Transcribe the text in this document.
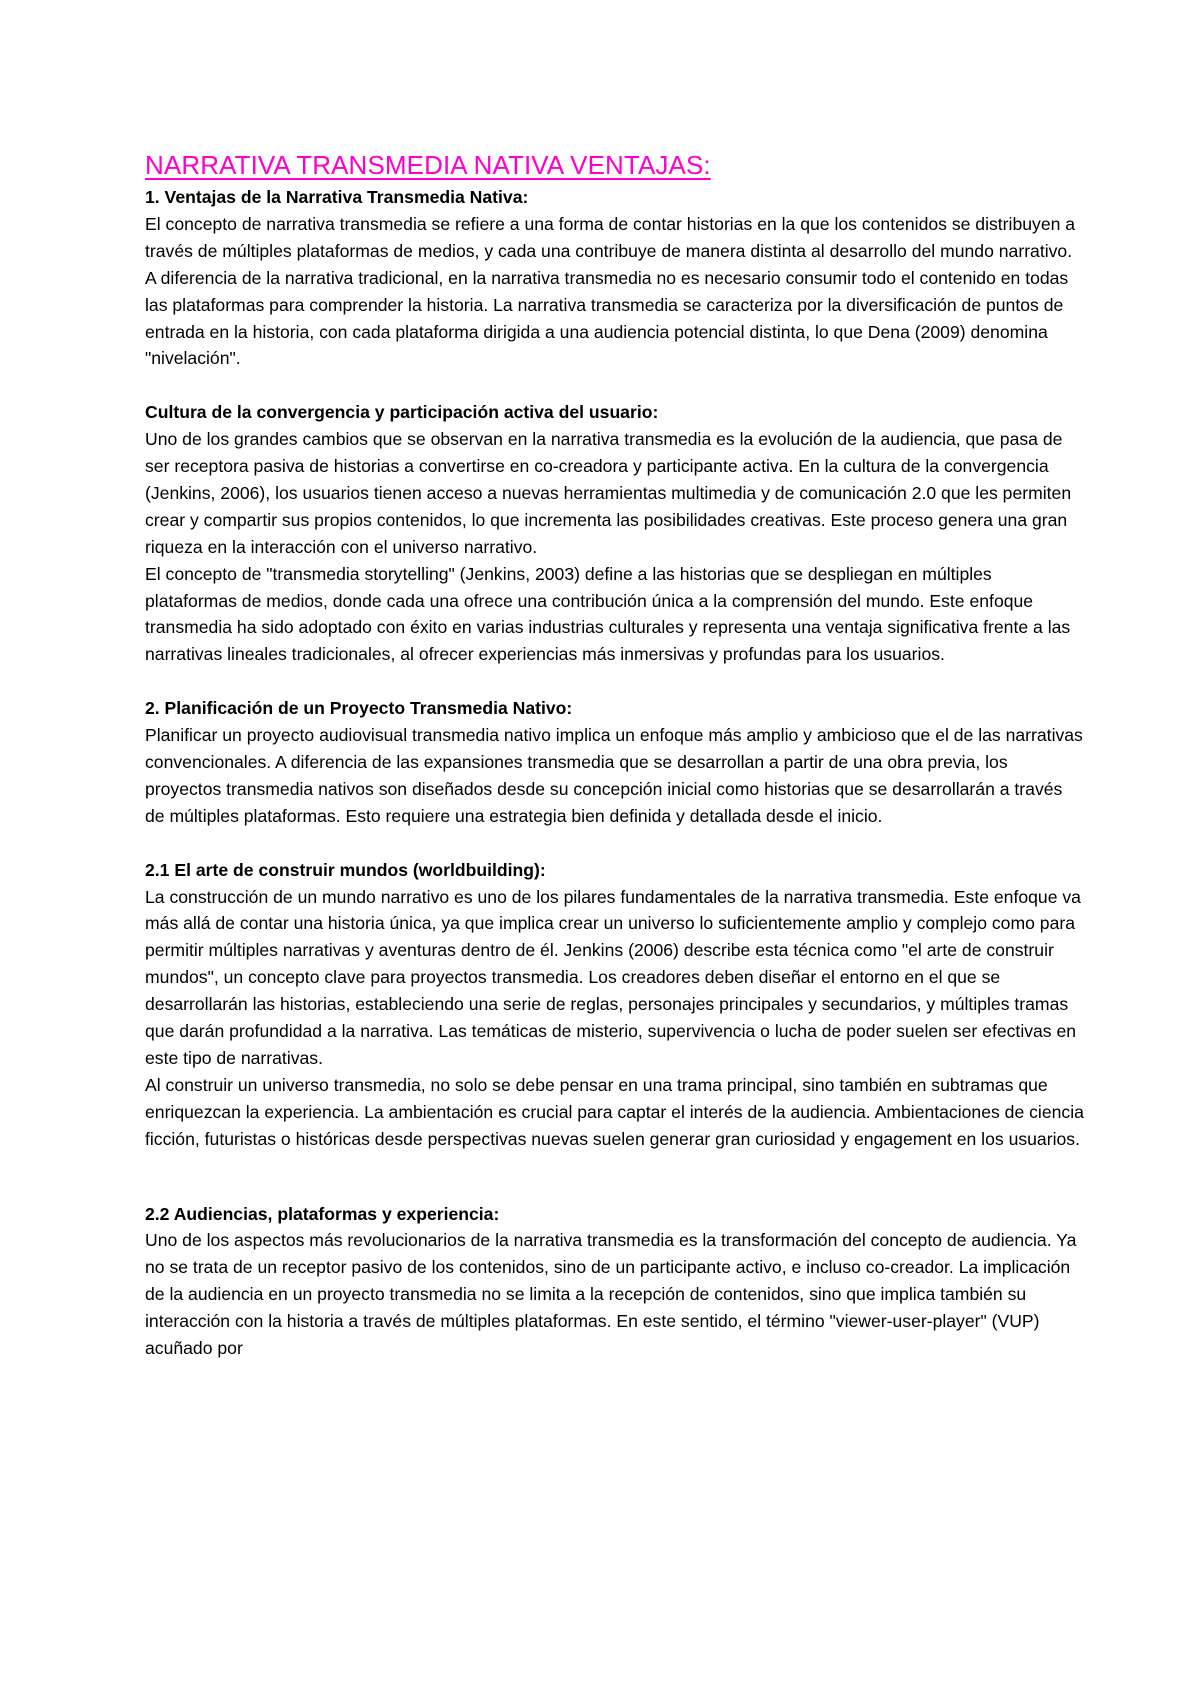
NARRATIVA TRANSMEDIA NATIVA VENTAJAS:

1. Ventajas de la Narrativa Transmedia Nativa:

El concepto de narrativa transmedia se refiere a una forma de contar historias en la que los contenidos se distribuyen a través de múltiples plataformas de medios, y cada una contribuye de manera distinta al desarrollo del mundo narrativo. A diferencia de la narrativa tradicional, en la narrativa transmedia no es necesario consumir todo el contenido en todas las plataformas para comprender la historia. La narrativa transmedia se caracteriza por la diversificación de puntos de entrada en la historia, con cada plataforma dirigida a una audiencia potencial distinta, lo que Dena (2009) denomina "nivelación".

Cultura de la convergencia y participación activa del usuario:

Uno de los grandes cambios que se observan en la narrativa transmedia es la evolución de la audiencia, que pasa de ser receptora pasiva de historias a convertirse en co-creadora y participante activa. En la cultura de la convergencia (Jenkins, 2006), los usuarios tienen acceso a nuevas herramientas multimedia y de comunicación 2.0 que les permiten crear y compartir sus propios contenidos, lo que incrementa las posibilidades creativas. Este proceso genera una gran riqueza en la interacción con el universo narrativo.

El concepto de "transmedia storytelling" (Jenkins, 2003) define a las historias que se despliegan en múltiples plataformas de medios, donde cada una ofrece una contribución única a la comprensión del mundo. Este enfoque transmedia ha sido adoptado con éxito en varias industrias culturales y representa una ventaja significativa frente a las narrativas lineales tradicionales, al ofrecer experiencias más inmersivas y profundas para los usuarios.

2. Planificación de un Proyecto Transmedia Nativo:

Planificar un proyecto audiovisual transmedia nativo implica un enfoque más amplio y ambicioso que el de las narrativas convencionales. A diferencia de las expansiones transmedia que se desarrollan a partir de una obra previa, los proyectos transmedia nativos son diseñados desde su concepción inicial como historias que se desarrollarán a través de múltiples plataformas. Esto requiere una estrategia bien definida y detallada desde el inicio.

2.1 El arte de construir mundos (worldbuilding):

La construcción de un mundo narrativo es uno de los pilares fundamentales de la narrativa transmedia. Este enfoque va más allá de contar una historia única, ya que implica crear un universo lo suficientemente amplio y complejo como para permitir múltiples narrativas y aventuras dentro de él. Jenkins (2006) describe esta técnica como "el arte de construir mundos", un concepto clave para proyectos transmedia. Los creadores deben diseñar el entorno en el que se desarrollarán las historias, estableciendo una serie de reglas, personajes principales y secundarios, y múltiples tramas que darán profundidad a la narrativa. Las temáticas de misterio, supervivencia o lucha de poder suelen ser efectivas en este tipo de narrativas.

Al construir un universo transmedia, no solo se debe pensar en una trama principal, sino también en subtramas que enriquezcan la experiencia. La ambientación es crucial para captar el interés de la audiencia. Ambientaciones de ciencia ficción, futuristas o históricas desde perspectivas nuevas suelen generar gran curiosidad y engagement en los usuarios.

2.2 Audiencias, plataformas y experiencia:

Uno de los aspectos más revolucionarios de la narrativa transmedia es la transformación del concepto de audiencia. Ya no se trata de un receptor pasivo de los contenidos, sino de un participante activo, e incluso co-creador. La implicación de la audiencia en un proyecto transmedia no se limita a la recepción de contenidos, sino que implica también su interacción con la historia a través de múltiples plataformas. En este sentido, el término "viewer-user-player" (VUP) acuñado por
